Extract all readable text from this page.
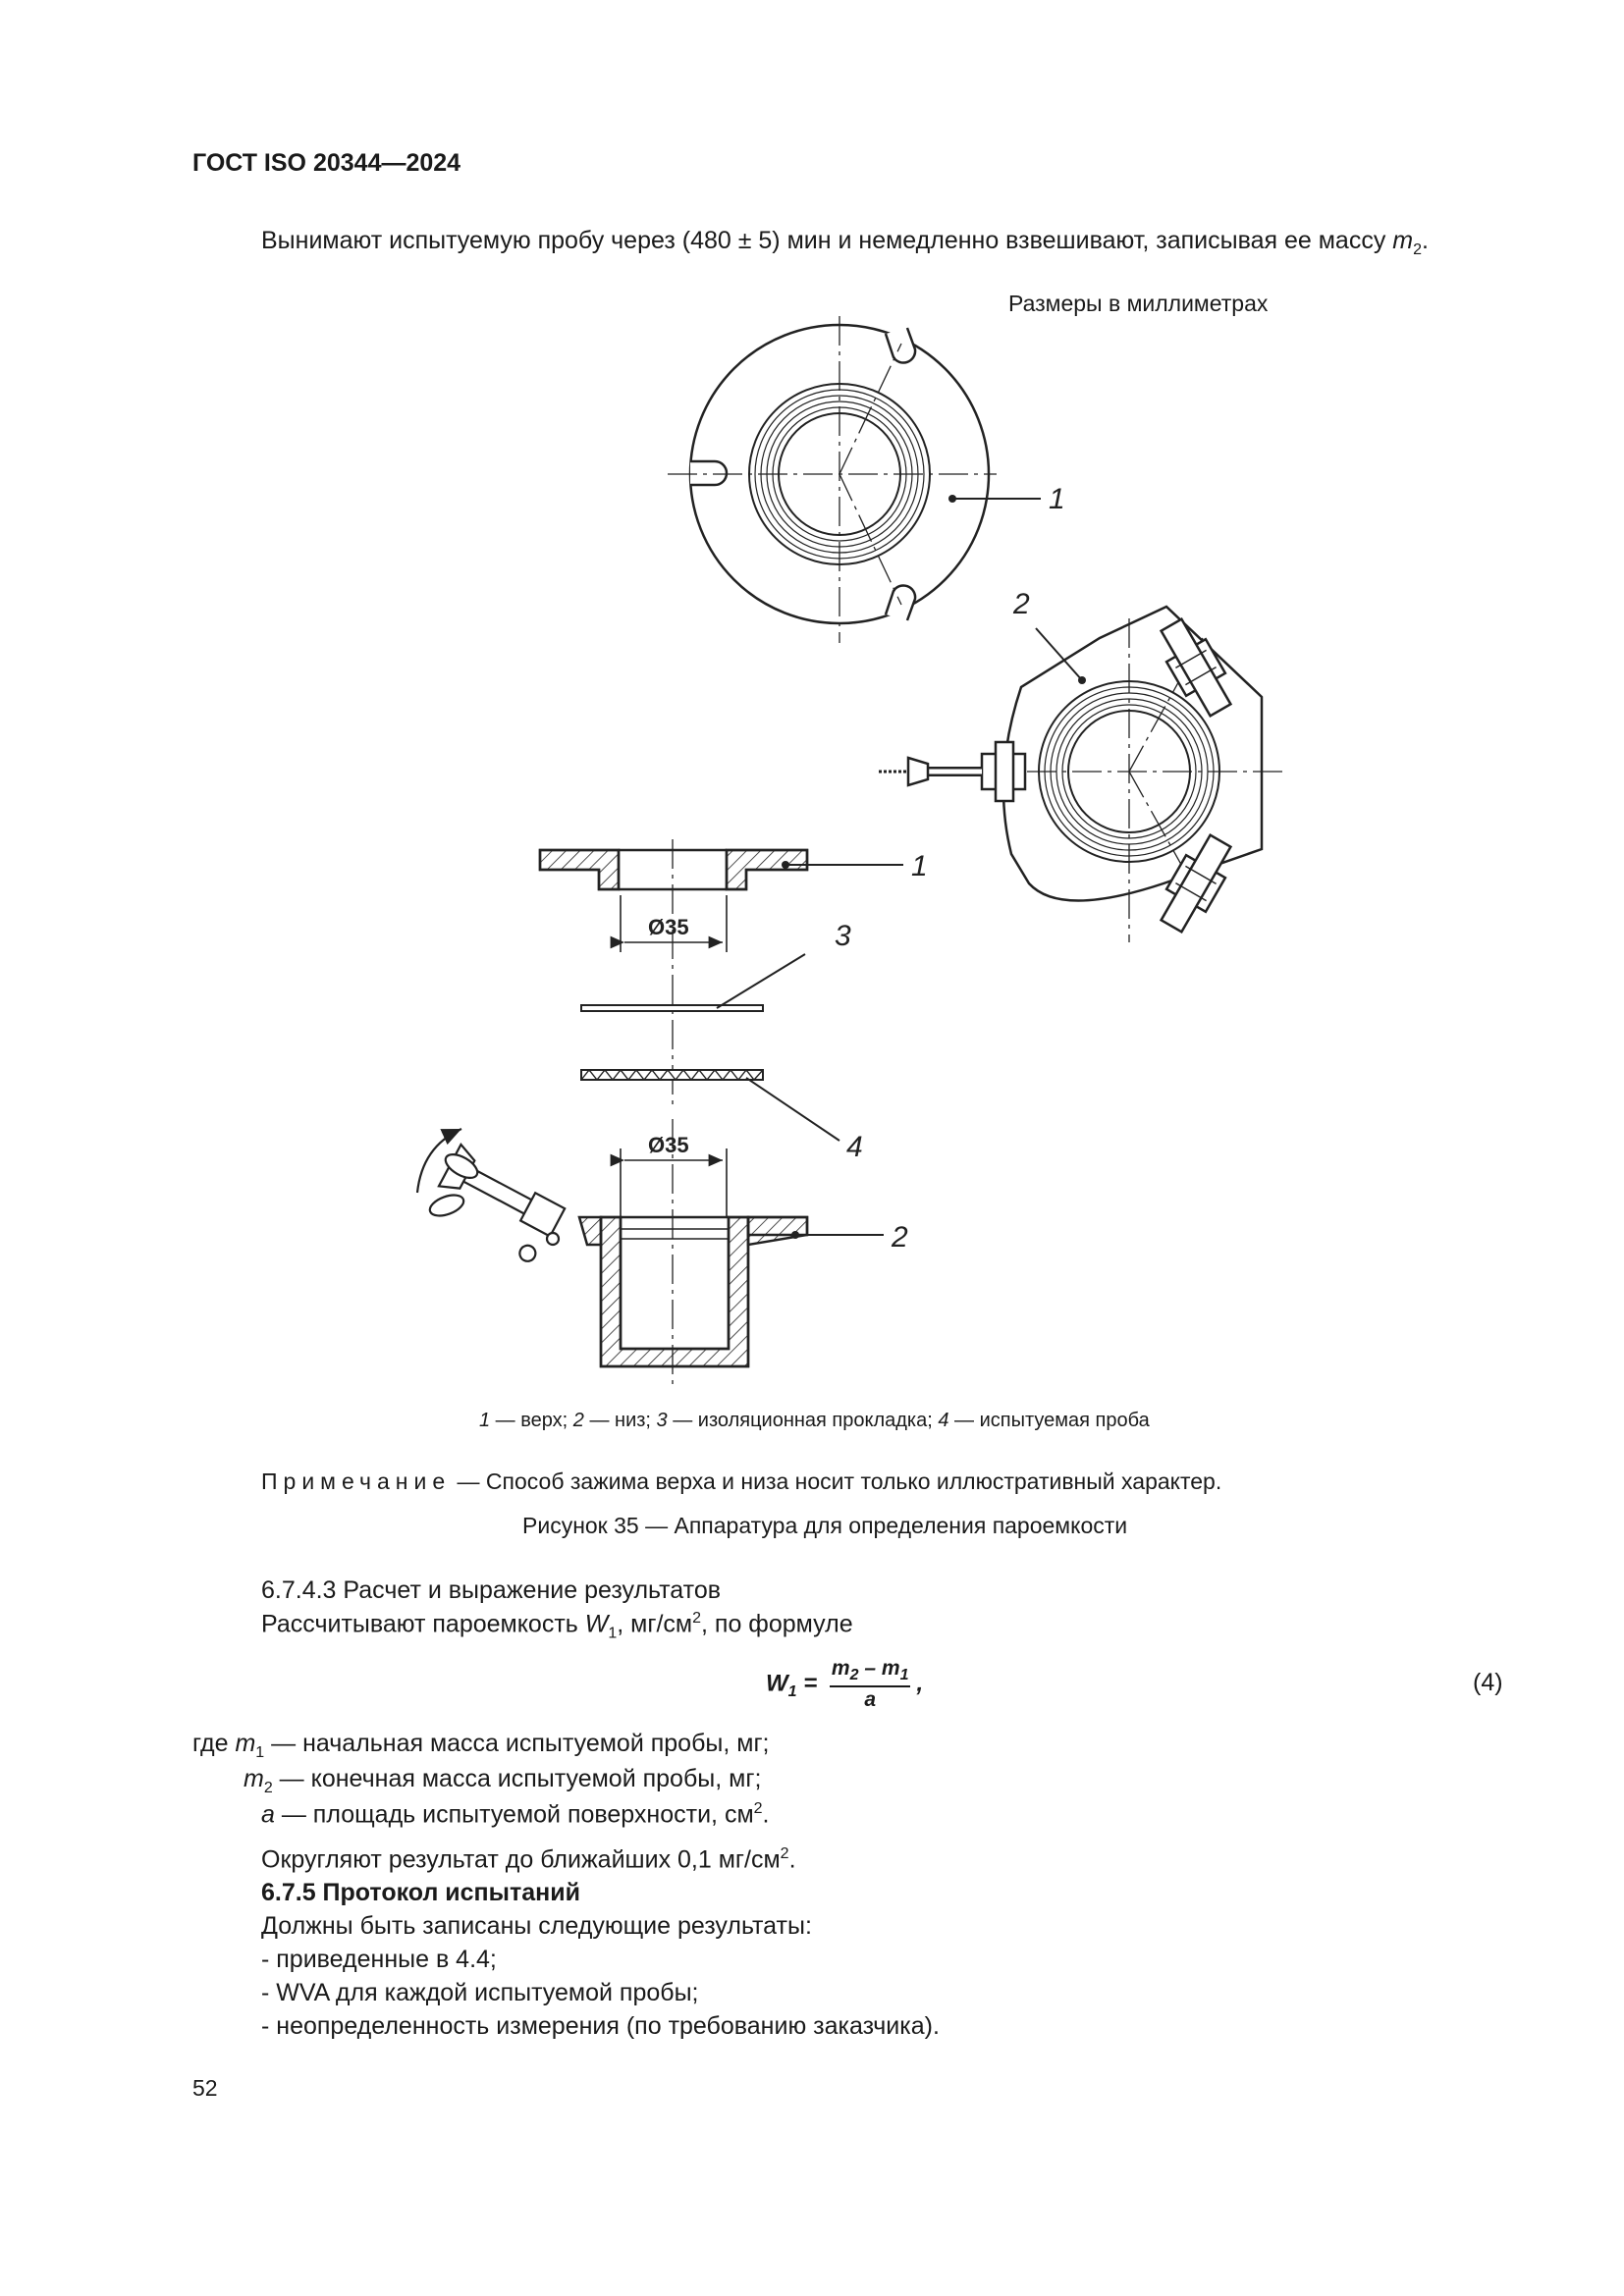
ГОСТ ISO 20344—2024
Вынимают испытуемую пробу через (480 ± 5) мин и немедленно взвешивают, записывая ее массу $m_2$.
Размеры в миллиметрах
1
2
1
Ø35	3
4
Ø35
2
1 — верх; 2 — низ; 3 — изоляционная прокладка; 4 — испытуемая проба
Примечание — Способ зажима верха и низа носит только иллюстративный характер.
Рисунок 35 — Аппаратура для определения пароемкости
6.7.4.3 Расчет и выражение результатов
Рассчитывают пароемкость $W_1$, $мг/см^2$, по формуле
$W_1 = \frac{m_2 - m_1}{a}$ ,	(4)
где $m_1$ — начальная масса испытуемой пробы, мг;
$m_2$ — конечная масса испытуемой пробы, мг;
a — площадь испытуемой поверхности, $см^2$.
Округляют результат до ближайших 0,1 $мг/см^2$.
6.7.5 Протокол испытаний
Должны быть записаны следующие результаты:
- приведенные в 4.4;
- WVA для каждой испытуемой пробы;
- неопределенность измерения (по требованию заказчика).
52
